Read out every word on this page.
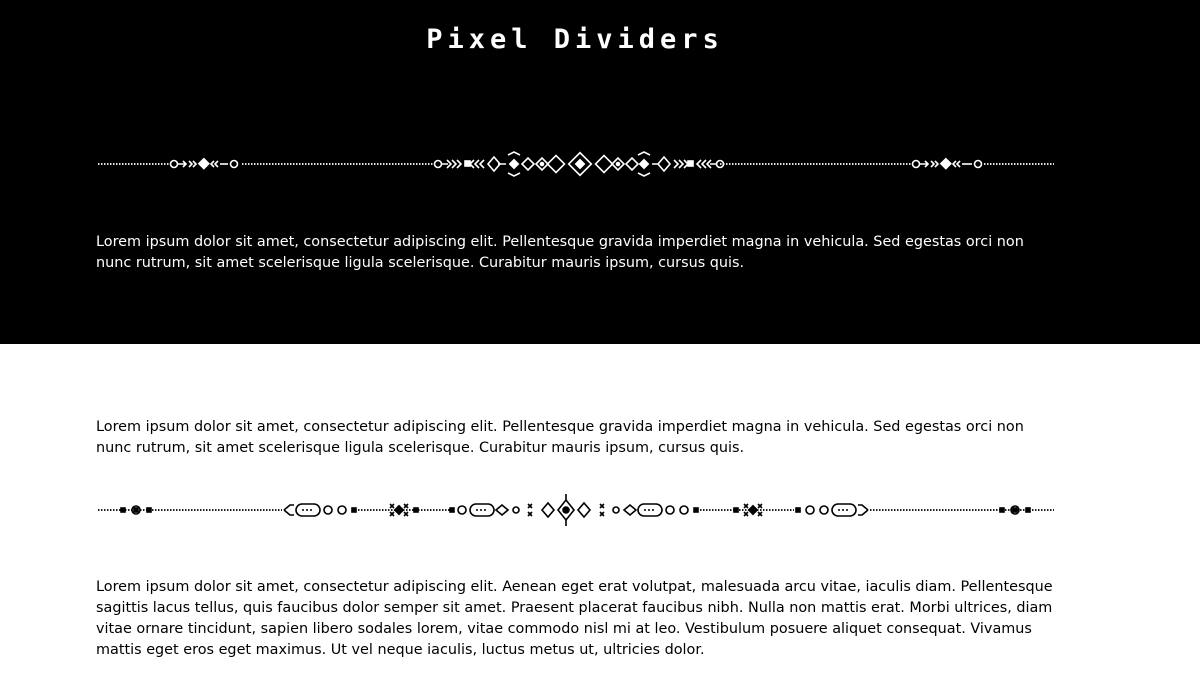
Pixel Dividers

Lorem ipsum dolor sit amet, consectetur adipiscing elit. Pellentesque gravida imperdiet magna in vehicula. Sed egestas orci non nunc rutrum, sit amet scelerisque ligula scelerisque. Curabitur mauris ipsum, cursus quis.

Lorem ipsum dolor sit amet, consectetur adipiscing elit. Pellentesque gravida imperdiet magna in vehicula. Sed egestas orci non nunc rutrum, sit amet scelerisque ligula scelerisque. Curabitur mauris ipsum, cursus quis.

Lorem ipsum dolor sit amet, consectetur adipiscing elit. Aenean eget erat volutpat, malesuada arcu vitae, iaculis diam. Pellentesque sagittis lacus tellus, quis faucibus dolor semper sit amet. Praesent placerat faucibus nibh. Nulla non mattis erat. Morbi ultrices, diam vitae ornare tincidunt, sapien libero sodales lorem, vitae commodo nisl mi at leo. Vestibulum posuere aliquet consequat. Vivamus mattis eget eros eget maximus. Ut vel neque iaculis, luctus metus ut, ultricies dolor.
